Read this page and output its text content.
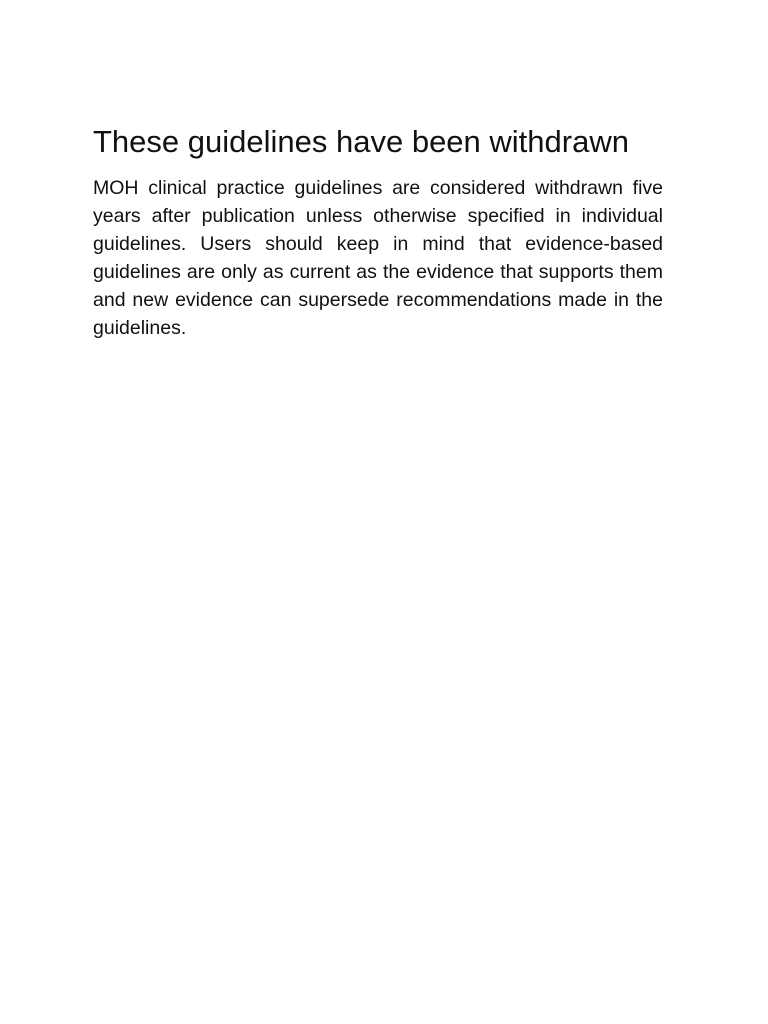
These guidelines have been withdrawn

MOH clinical practice guidelines are considered withdrawn five years after publication unless otherwise specified in individual guidelines. Users should keep in mind that evidence-based guidelines are only as current as the evidence that supports them and new evidence can supersede recommendations made in the guidelines.
